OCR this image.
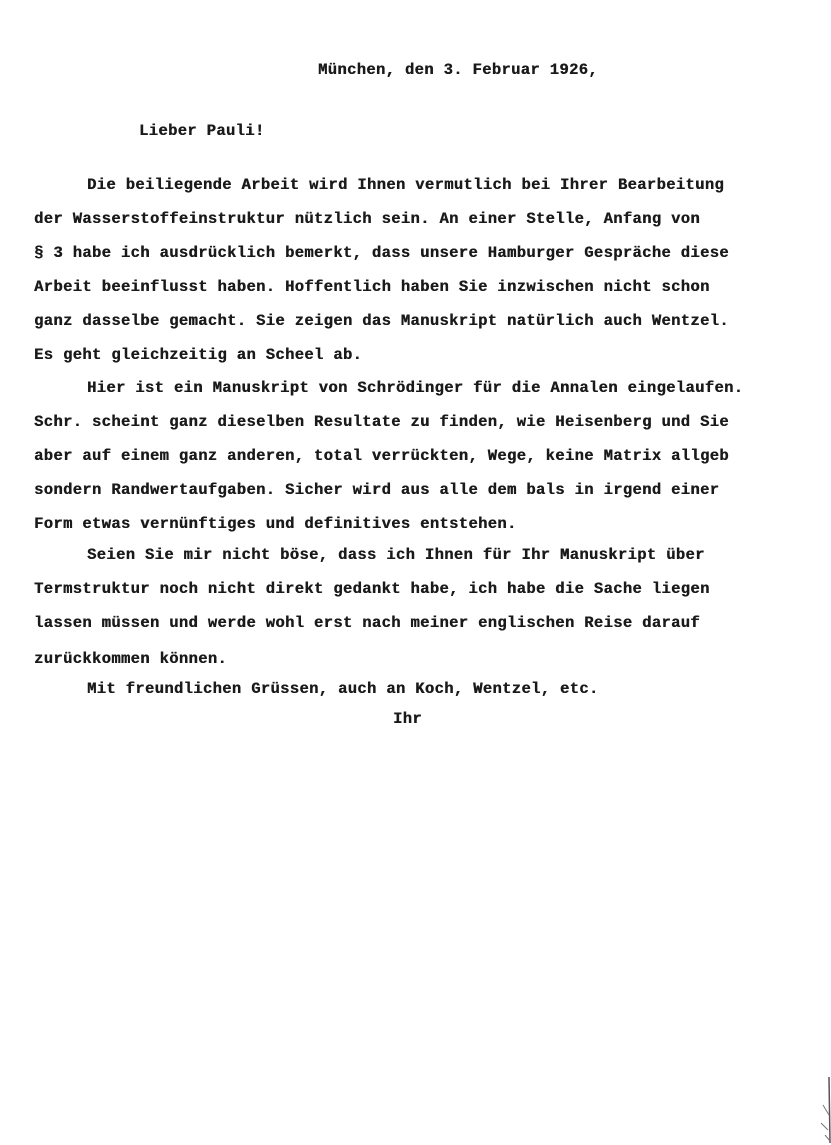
München, den 3. Februar 1926,
Lieber Pauli!
Die beiliegende Arbeit wird Ihnen vermutlich bei Ihrer Bearbeitung
der Wasserstoffeinstruktur nützlich sein. An einer Stelle, Anfang von
§ 3 habe ich ausdrücklich bemerkt, dass unsere Hamburger Gespräche diese
Arbeit beeinflusst haben. Hoffentlich haben Sie inzwischen nicht schon
ganz dasselbe gemacht. Sie zeigen das Manuskript natürlich auch Wentzel.
Es geht gleichzeitig an Scheel ab.
Hier ist ein Manuskript von Schrödinger für die Annalen eingelaufen.
Schr. scheint ganz dieselben Resultate zu finden, wie Heisenberg und Sie
aber auf einem ganz anderen, total verrückten, Wege, keine Matrix allgeb
sondern Randwertaufgaben. Sicher wird aus alle dem bals in irgend einer
Form etwas vernünftiges und definitives entstehen.
Seien Sie mir nicht böse, dass ich Ihnen für Ihr Manuskript über
Termstruktur noch nicht direkt gedankt habe, ich habe die Sache liegen
lassen müssen und werde wohl erst nach meiner englischen Reise darauf
zurückkommen können.
Mit freundlichen Grüssen, auch an Koch, Wentzel, etc.
Ihr
